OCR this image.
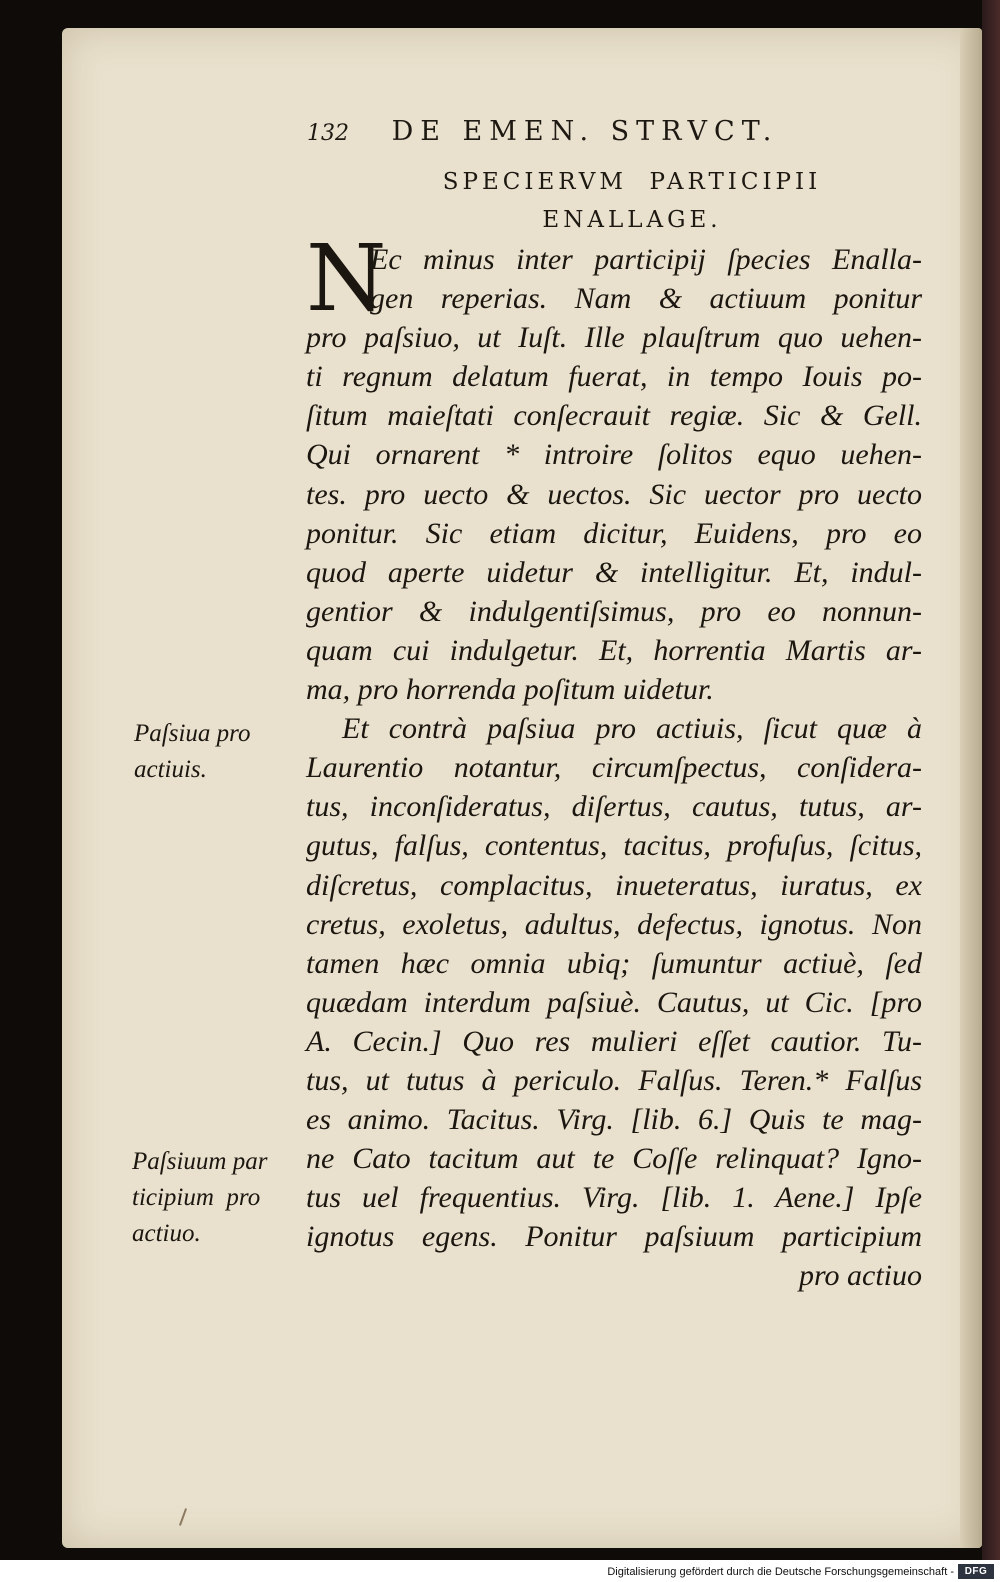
132 DE EMEN. STRVCT.
SPECIERVM  PARTICIPII
ENALLAGE.
N
Ec minus inter participij ſpecies Enalla-
gen reperias. Nam & actiuum ponitur
pro paſsiuo, ut Iuſt. Ille plauſtrum quo uehen-
ti regnum delatum fuerat, in tempo Iouis po-
ſitum maieſtati conſecrauit regiæ. Sic & Gell.
Qui ornarent * introire ſolitos equo uehen-
tes. pro uecto & uectos. Sic uector pro uecto
ponitur. Sic etiam dicitur, Euidens, pro eo
quod aperte uidetur & intelligitur. Et, indul-
gentior & indulgentiſsimus, pro eo nonnun-
quam cui indulgetur. Et, horrentia Martis ar-
ma, pro horrenda poſitum uidetur.
Et contrà paſsiua pro actiuis, ſicut quæ à
Laurentio notantur, circumſpectus, conſidera-
tus, inconſideratus, diſertus, cautus, tutus, ar-
gutus, falſus, contentus, tacitus, profuſus, ſcitus,
diſcretus, complacitus, inueteratus, iuratus, ex
cretus, exoletus, adultus, defectus, ignotus. Non
tamen hæc omnia ubiq; ſumuntur actiuè, ſed
quædam interdum paſsiuè. Cautus, ut Cic. [pro
A. Cecin.] Quo res mulieri eſſet cautior. Tu-
tus, ut tutus à periculo. Falſus. Teren.* Falſus
es animo. Tacitus. Virg. [lib. 6.] Quis te mag-
ne Cato tacitum aut te Coſſe relinquat? Igno-
tus uel frequentius. Virg. [lib. 1. Aene.] Ipſe
ignotus egens. Ponitur paſsiuum participium
pro actiuo
Paſsiua pro
actiuis.
Paſsiuum par
ticipium  pro
actiuo.
Digitalisierung gefördert durch die Deutsche Forschungsgemeinschaft -	DFG
